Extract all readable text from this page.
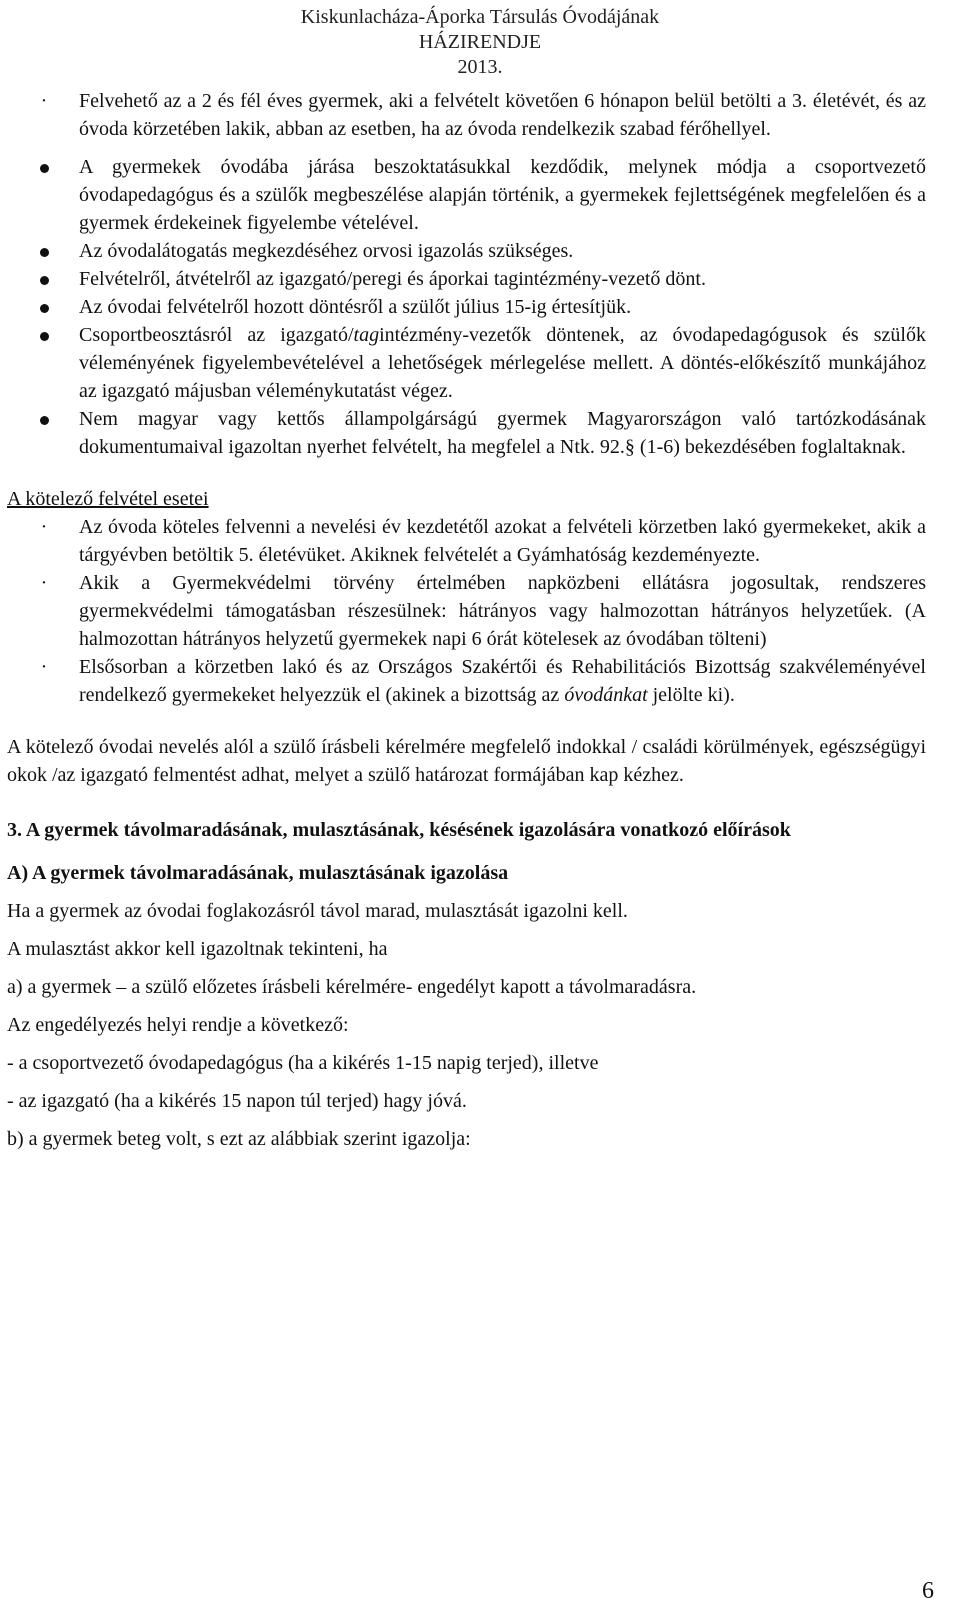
Kiskunlacháza-Áporka Társulás Óvodájának
HÁZIRENDJE
2013.
·	Felvehető az a 2 és fél éves gyermek, aki a felvételt követően 6 hónapon belül betölti a 3. életévét, és az óvoda körzetében lakik, abban az esetben, ha az óvoda rendelkezik szabad férőhellyel.
A gyermekek óvodába járása beszoktatásukkal kezdődik, melynek módja a csoportvezető óvodapedagógus és a szülők megbeszélése alapján történik, a gyermekek fejlettségének megfelelően és a gyermek érdekeinek figyelembe vételével.
Az óvodalátogatás megkezdéséhez orvosi igazolás szükséges.
Felvételről, átvételről az igazgató/peregi és áporkai tagintézmény-vezető dönt.
Az óvodai felvételről hozott döntésről a szülőt július 15-ig értesítjük.
Csoportbeosztásról az igazgató/tagintézmény-vezetők döntenek, az óvodapedagógusok és szülők véleményének figyelembevételével a lehetőségek mérlegelése mellett. A döntés-előkészítő munkájához az igazgató májusban véleménykutatást végez.
Nem magyar vagy kettős állampolgárságú gyermek Magyarországon való tartózkodásának dokumentumaival igazoltan nyerhet felvételt, ha megfelel a Ntk. 92.§ (1-6) bekezdésében foglaltaknak.
A kötelező felvétel esetei
·	Az óvoda köteles felvenni a nevelési év kezdetétől azokat a felvételi körzetben lakó gyermekeket, akik a tárgyévben betöltik 5. életévüket. Akiknek felvételét a Gyámhatóság kezdeményezte.
·	Akik a Gyermekvédelmi törvény értelmében napközbeni ellátásra jogosultak, rendszeres gyermekvédelmi támogatásban részesülnek: hátrányos vagy halmozottan hátrányos helyzetűek. (A halmozottan hátrányos helyzetű gyermekek napi 6 órát kötelesek az óvodában tölteni)
·	Elsősorban a körzetben lakó és az Országos Szakértői és Rehabilitációs Bizottság szakvéleményével rendelkező gyermekeket helyezzük el (akinek a bizottság az óvodánkat jelölte ki).
A kötelező óvodai nevelés alól a szülő írásbeli kérelmére megfelelő indokkal / családi körülmények, egészségügyi okok /az igazgató felmentést adhat, melyet a szülő határozat formájában kap kézhez.
3. A gyermek távolmaradásának, mulasztásának, késésének igazolására vonatkozó előírások
A) A gyermek távolmaradásának, mulasztásának igazolása
Ha a gyermek az óvodai foglakozásról távol marad, mulasztását igazolni kell.
A mulasztást akkor kell igazoltnak tekinteni, ha
a) a gyermek – a szülő előzetes írásbeli kérelmére- engedélyt kapott a távolmaradásra.
Az engedélyezés helyi rendje a következő:
- a csoportvezető óvodapedagógus (ha a kikérés 1-15 napig terjed), illetve
- az igazgató (ha a kikérés 15 napon túl terjed) hagy jóvá.
b) a gyermek beteg volt, s ezt az alábbiak szerint igazolja:
6
